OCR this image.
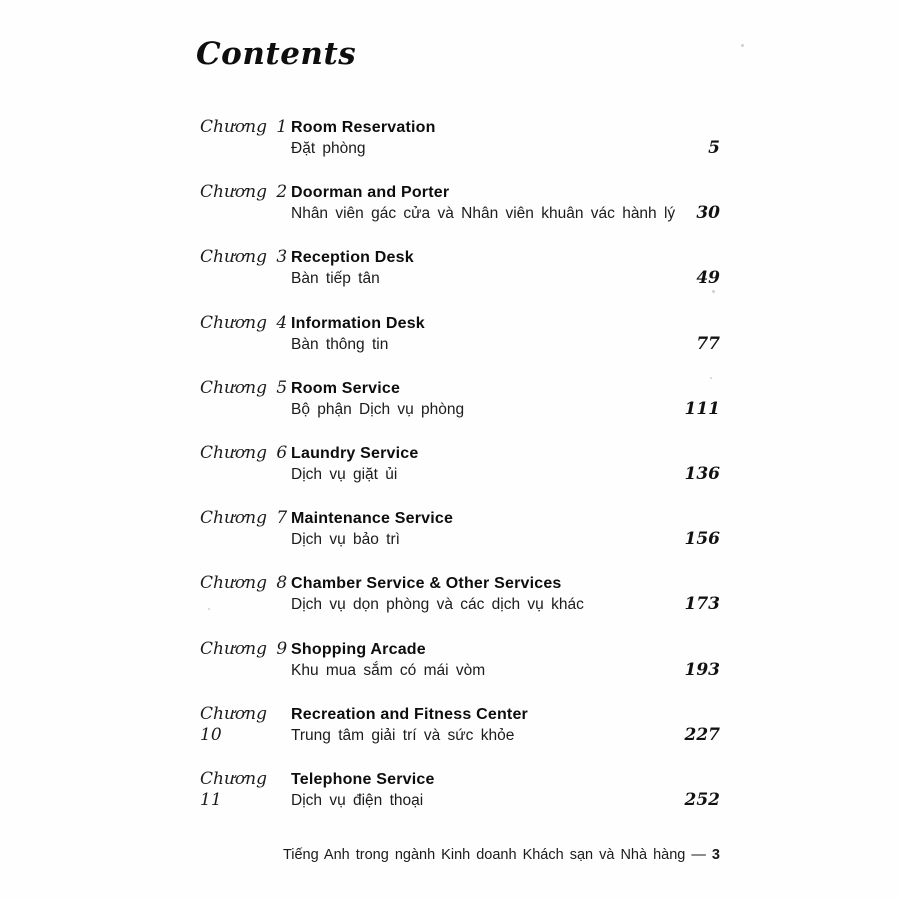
Contents
Chương 1 Room Reservation
Đặt phòng	5
Chương 2 Doorman and Porter
Nhân viên gác cửa và Nhân viên khuân vác hành lý	30
Chương 3 Reception Desk
Bàn tiếp tân	49
Chương 4 Information Desk
Bàn thông tin	77
Chương 5 Room Service
Bộ phận Dịch vụ phòng	111
Chương 6 Laundry Service
Dịch vụ giặt ủi	136
Chương 7 Maintenance Service
Dịch vụ bảo trì	156
Chương 8 Chamber Service & Other Services
Dịch vụ dọn phòng và các dịch vụ khác	173
Chương 9 Shopping Arcade
Khu mua sắm có mái vòm	193
Chương 10
Recreation and Fitness Center
Trung tâm giải trí và sức khỏe	227
Chương 11
Telephone Service
Dịch vụ điện thoại	252
Tiếng Anh trong ngành Kinh doanh Khách sạn và Nhà hàng — 3
